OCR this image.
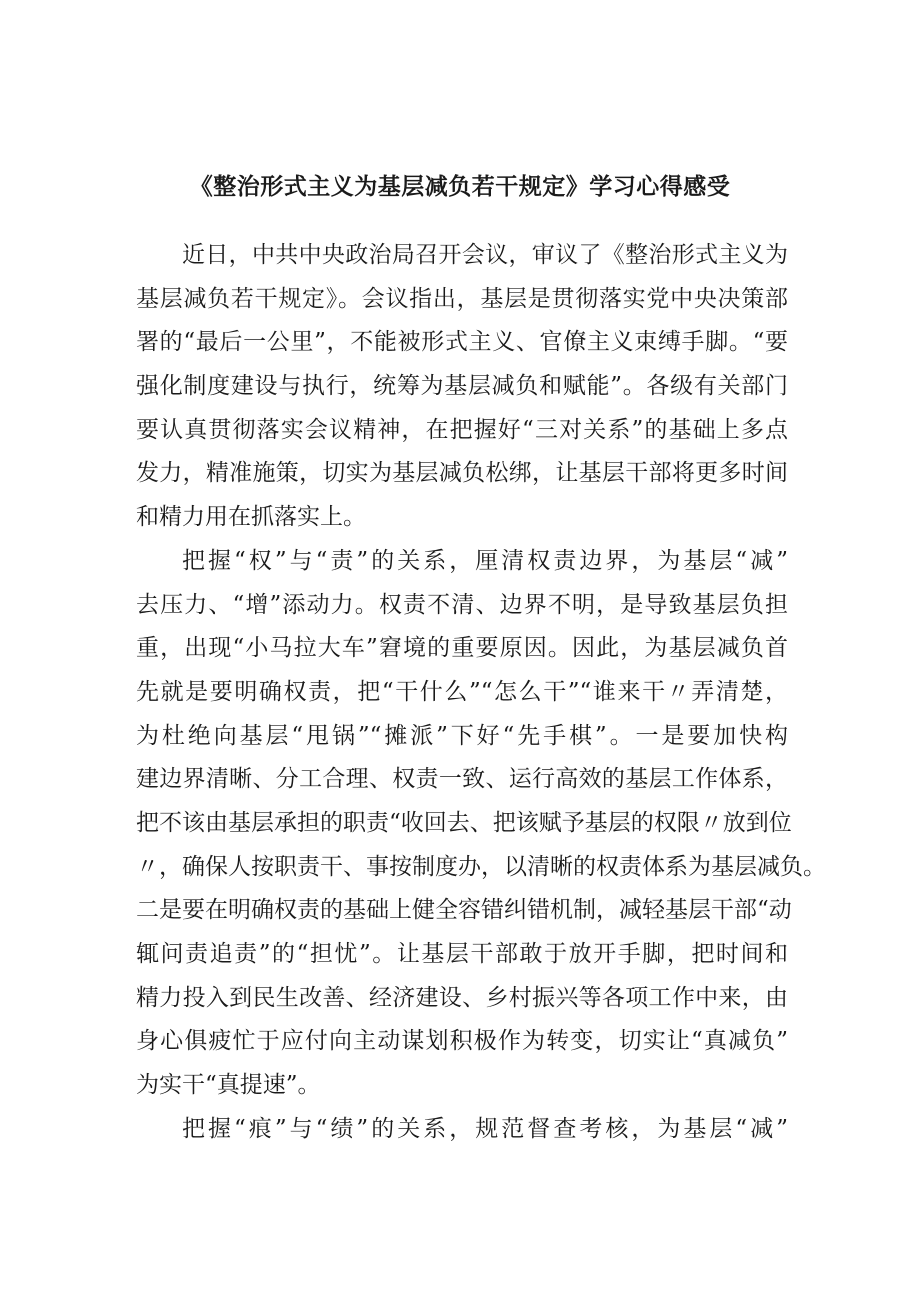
《整治形式主义为基层减负若干规定》学习心得感受
近日，中共中央政治局召开会议，审议了《整治形式主义为
基层减负若干规定》。会议指出，基层是贯彻落实党中央决策部
署的“最后一公里”，不能被形式主义、官僚主义束缚手脚。“要
强化制度建设与执行，统筹为基层减负和赋能”。各级有关部门
要认真贯彻落实会议精神，在把握好“三对关系”的基础上多点
发力，精准施策，切实为基层减负松绑，让基层干部将更多时间
和精力用在抓落实上。
把握“权”与“责”的关系，厘清权责边界，为基层“减”
去压力、“增”添动力。权责不清、边界不明，是导致基层负担
重，出现“小马拉大车”窘境的重要原因。因此，为基层减负首
先就是要明确权责，把“干什么”“怎么干”“谁来干〃弄清楚，
为杜绝向基层“甩锅”“摊派”下好“先手棋”。一是要加快构
建边界清晰、分工合理、权责一致、运行高效的基层工作体系，
把不该由基层承担的职责“收回去、把该赋予基层的权限〃放到位
〃，确保人按职责干、事按制度办，以清晰的权责体系为基层减负。
二是要在明确权责的基础上健全容错纠错机制，减轻基层干部“动
辄问责追责”的“担忧”。让基层干部敢于放开手脚，把时间和
精力投入到民生改善、经济建设、乡村振兴等各项工作中来，由
身心俱疲忙于应付向主动谋划积极作为转变，切实让“真减负”
为实干“真提速”。
把握“痕”与“绩”的关系，规范督查考核，为基层“减”
